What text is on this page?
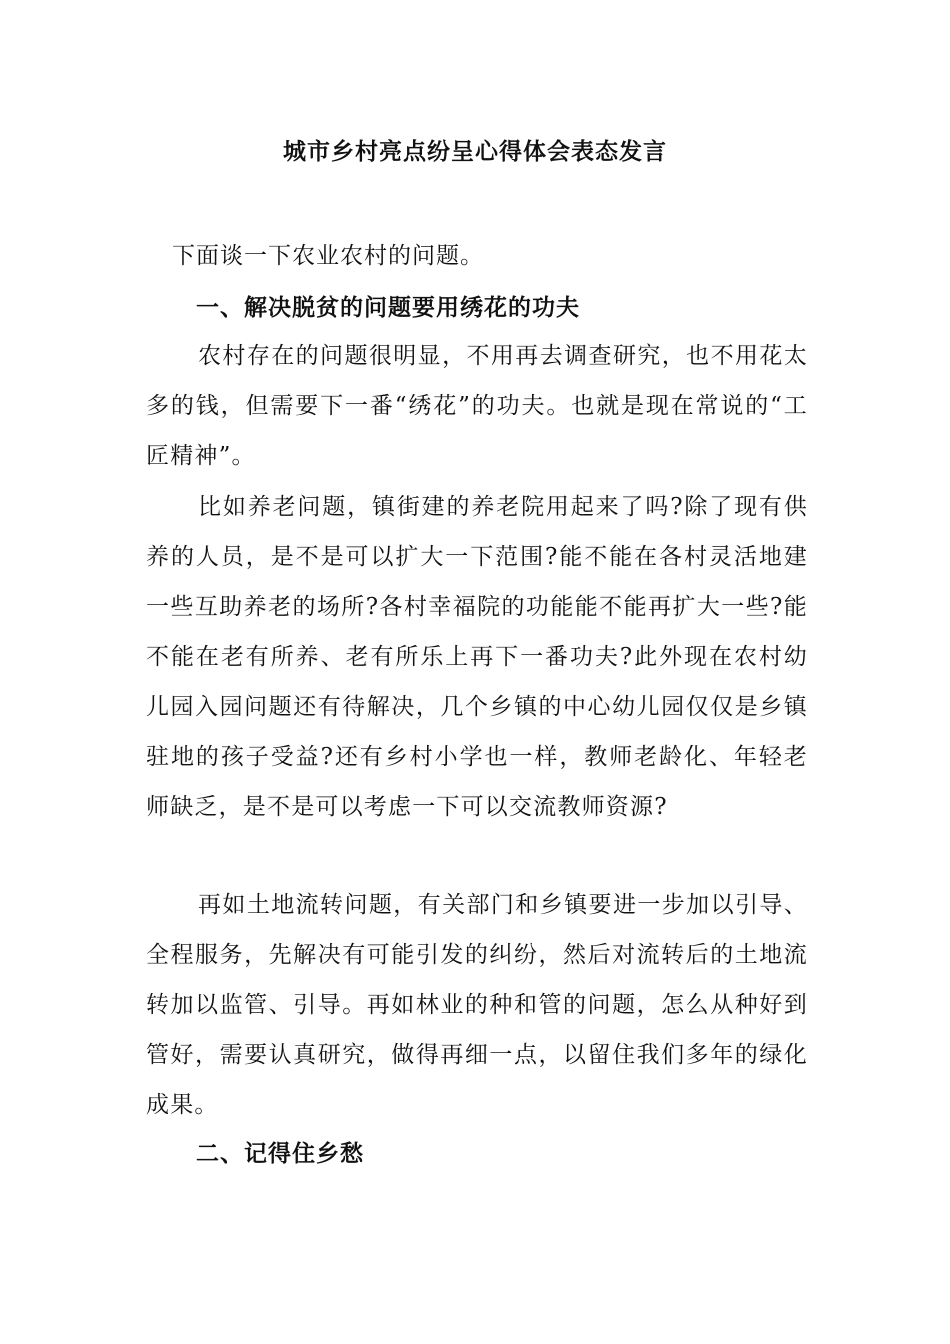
城市乡村亮点纷呈心得体会表态发言
下面谈一下农业农村的问题。
一、解决脱贫的问题要用绣花的功夫

农村存在的问题很明显，不用再去调查研究，也不用花太多的钱，但需要下一番“绣花”的功夫。也就是现在常说的“工匠精神”。

比如养老问题，镇街建的养老院用起来了吗?除了现有供养的人员，是不是可以扩大一下范围?能不能在各村灵活地建一些互助养老的场所?各村幸福院的功能能不能再扩大一些?能不能在老有所养、老有所乐上再下一番功夫?此外现在农村幼儿园入园问题还有待解决，几个乡镇的中心幼儿园仅仅是乡镇驻地的孩子受益?还有乡村小学也一样，教师老龄化、年轻老师缺乏，是不是可以考虑一下可以交流教师资源?

再如土地流转问题，有关部门和乡镇要进一步加以引导、全程服务，先解决有可能引发的纠纷，然后对流转后的土地流转加以监管、引导。再如林业的种和管的问题，怎么从种好到管好，需要认真研究，做得再细一点，以留住我们多年的绿化成果。

二、记得住乡愁
